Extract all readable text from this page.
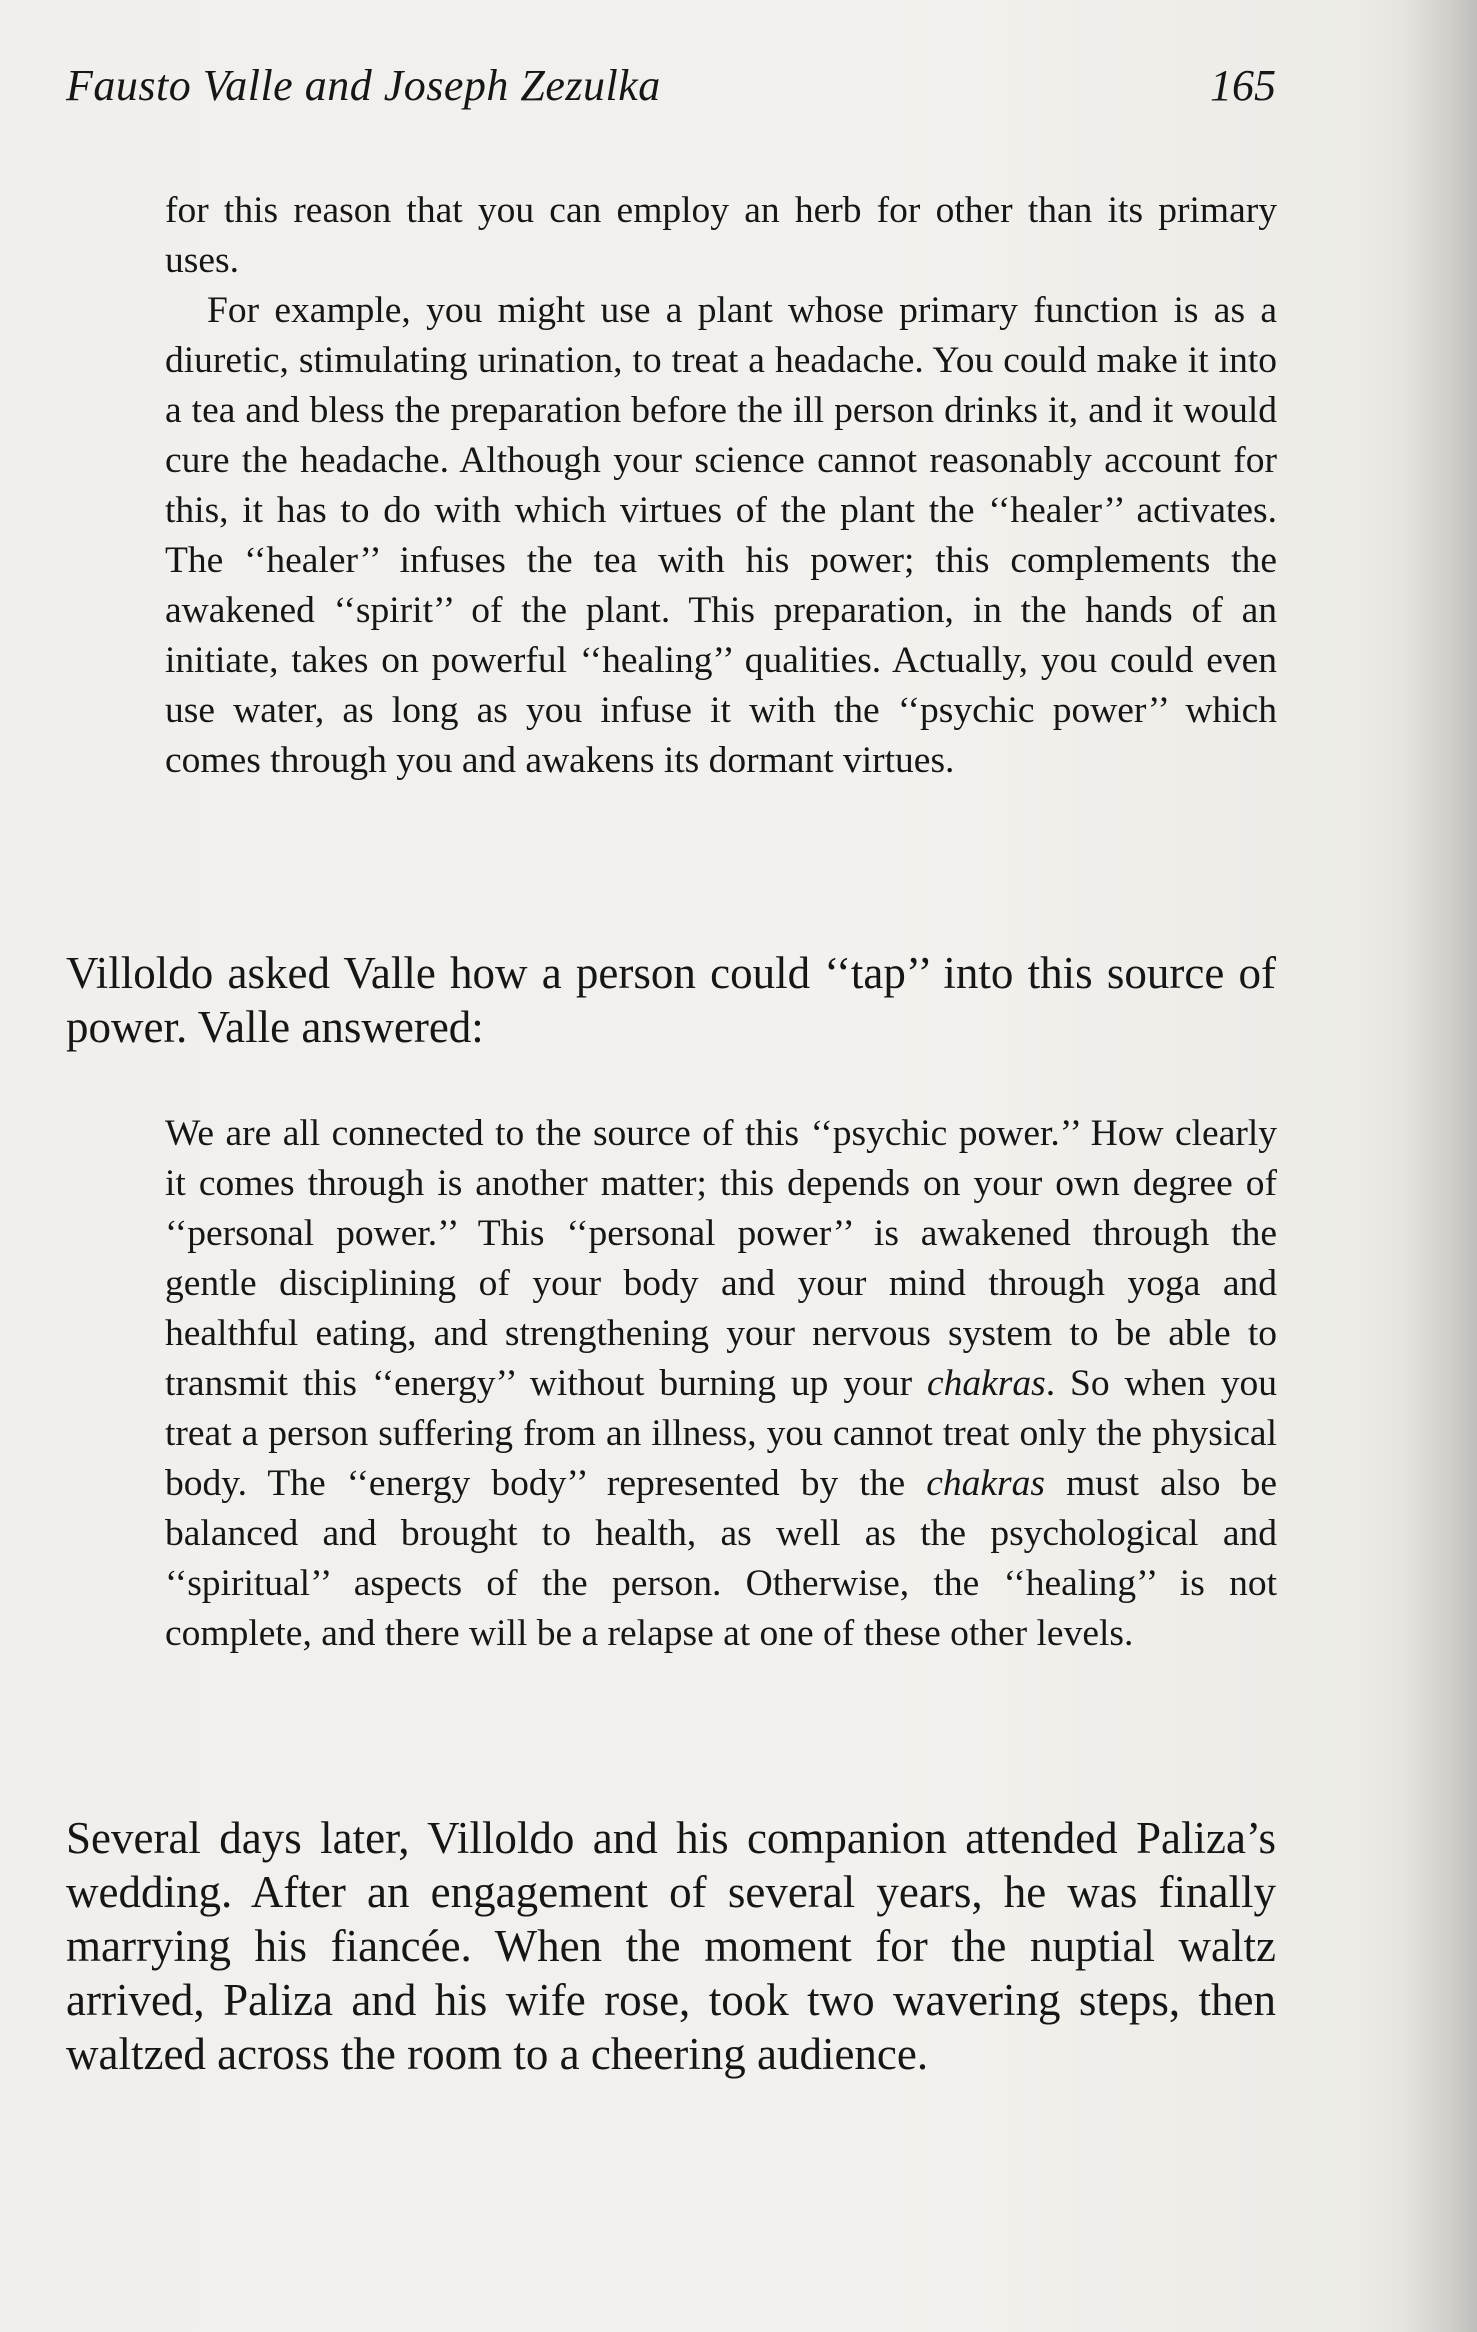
Fausto Valle and Joseph Zezulka	165

for this reason that you can employ an herb for other than its primary uses.

For example, you might use a plant whose primary function is as a diuretic, stimulating urination, to treat a headache. You could make it into a tea and bless the preparation before the ill person drinks it, and it would cure the headache. Although your science cannot reasonably account for this, it has to do with which virtues of the plant the ‘‘healer’’ activates. The ‘‘healer’’ infuses the tea with his power; this complements the awakened ‘‘spirit’’ of the plant. This preparation, in the hands of an initiate, takes on powerful ‘‘healing’’ qualities. Actually, you could even use water, as long as you infuse it with the ‘‘psychic power’’ which comes through you and awakens its dormant virtues.

Villoldo asked Valle how a person could ‘‘tap’’ into this source of power. Valle answered:

We are all connected to the source of this ‘‘psychic power.’’ How clearly it comes through is another matter; this depends on your own degree of ‘‘personal power.’’ This ‘‘personal power’’ is awakened through the gentle disciplining of your body and your mind through yoga and healthful eating, and strengthening your nervous system to be able to transmit this ‘‘energy’’ without burning up your chakras. So when you treat a person suffering from an illness, you cannot treat only the physical body. The ‘‘energy body’’ represented by the chakras must also be balanced and brought to health, as well as the psychological and ‘‘spiritual’’ aspects of the person. Otherwise, the ‘‘healing’’ is not complete, and there will be a relapse at one of these other levels.

Several days later, Villoldo and his companion attended Paliza’s wedding. After an engagement of several years, he was finally marrying his fiancée. When the moment for the nuptial waltz arrived, Paliza and his wife rose, took two wavering steps, then waltzed across the room to a cheering audience.
